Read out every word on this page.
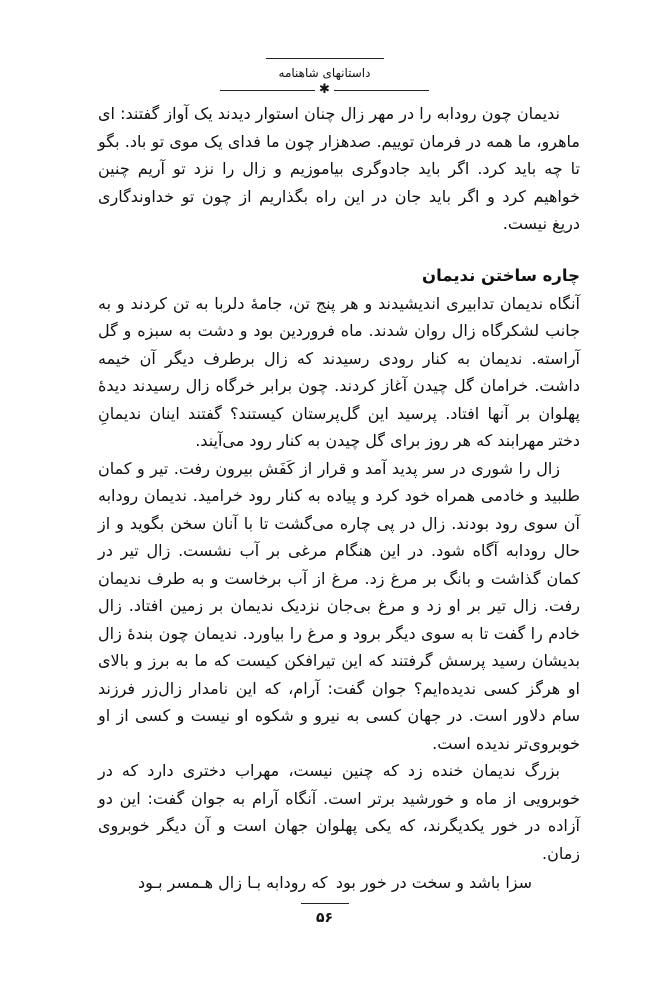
داستانهای شاهنامه
✱

ندیمان چون رودابه را در مهر زال چنان استوار دیدند یک آواز گفتند: ای ماهرو، ما همه در فرمان توییم. صدهزار چون ما فدای یک موی تو باد. بگو تا چه باید کرد. اگر باید جادوگری بیاموزیم و زال را نزد تو آریم چنین خواهیم کرد و اگر باید جان در این راه بگذاریم از چون تو خداوندگاری دریغ نیست.

چاره ساختن ندیمان

آنگاه ندیمان تدابیری اندیشیدند و هر پنج تن، جامهٔ دلربا به تن کردند و به جانب لشکرگاه زال روان شدند. ماه فروردین بود و دشت به سبزه و گل آراسته. ندیمان به کنار رودی رسیدند که زال برطرف دیگر آن خیمه داشت. خرامان گل چیدن آغاز کردند. چون برابر خرگاه زال رسیدند دیدهٔ پهلوان بر آنها افتاد. پرسید این گل‌پرستان کیستند؟ گفتند اینان ندیمانِ دختر مهرابند که هر روز برای گل چیدن به کنار رود می‌آیند.

زال را شوری در سر پدید آمد و قرار از کَفَش بیرون رفت. تیر و کمان طلبید و خادمی همراه خود کرد و پیاده به کنار رود خرامید. ندیمان رودابه آن سوی رود بودند. زال در پی چاره می‌گشت تا با آنان سخن بگوید و از حال رودابه آگاه شود. در این هنگام مرغی بر آب نشست. زال تیر در کمان گذاشت و بانگ بر مرغ زد. مرغ از آب برخاست و به طرف ندیمان رفت. زال تیر بر او زد و مرغ بی‌جان نزدیک ندیمان بر زمین افتاد. زال خادم را گفت تا به سوی دیگر برود و مرغ را بیاورد. ندیمان چون بندهٔ زال بدیشان رسید پرسش گرفتند که این تیرافکن کیست که ما به برز و بالای او هرگز کسی ندیده‌ایم؟ جوان گفت: آرام، که این نامدار زال‌زر فرزند سام دلاور است. در جهان کسی به نیرو و شکوه او نیست و کسی از او خوبروی‌تر ندیده است.

بزرگ ندیمان خنده زد که چنین نیست، مهراب دختری دارد که در خوبرویی از ماه و خورشید برتر است. آنگاه آرام به جوان گفت: این دو آزاده در خور یکدیگرند، که یکی پهلوان جهان است و آن دیگر خوبروی زمان.

سزا باشد و سخت در خور بود
که رودابه بـا زال هـمسر بـود
۵۶
